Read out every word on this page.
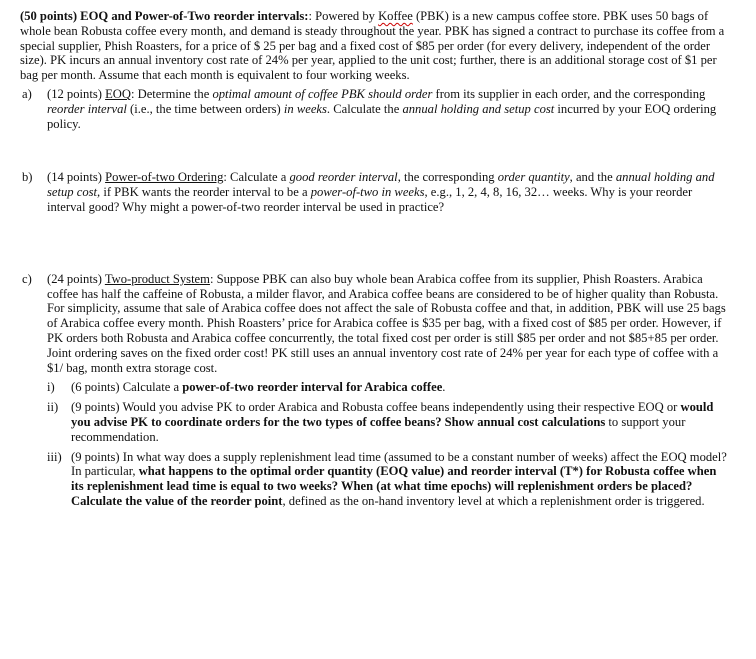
(50 points) EOQ and Power-of-Two reorder intervals:: Powered by Koffee (PBK) is a new campus coffee store. PBK uses 50 bags of whole bean Robusta coffee every month, and demand is steady throughout the year. PBK has signed a contract to purchase its coffee from a special supplier, Phish Roasters, for a price of $ 25 per bag and a fixed cost of $85 per order (for every delivery, independent of the order size). PK incurs an annual inventory cost rate of 24% per year, applied to the unit cost; further, there is an additional storage cost of $1 per bag per month. Assume that each month is equivalent to four working weeks.

a) (12 points) EOQ: Determine the optimal amount of coffee PBK should order from its supplier in each order, and the corresponding reorder interval (i.e., the time between orders) in weeks. Calculate the annual holding and setup cost incurred by your EOQ ordering policy.

b) (14 points) Power-of-two Ordering: Calculate a good reorder interval, the corresponding order quantity, and the annual holding and setup cost, if PBK wants the reorder interval to be a power-of-two in weeks, e.g., 1, 2, 4, 8, 16, 32… weeks. Why is your reorder interval good? Why might a power-of-two reorder interval be used in practice?

c) (24 points) Two-product System: Suppose PBK can also buy whole bean Arabica coffee from its supplier, Phish Roasters. Arabica coffee has half the caffeine of Robusta, a milder flavor, and Arabica coffee beans are considered to be of higher quality than Robusta. For simplicity, assume that sale of Arabica coffee does not affect the sale of Robusta coffee and that, in addition, PBK will use 25 bags of Arabica coffee every month. Phish Roasters’ price for Arabica coffee is $35 per bag, with a fixed cost of $85 per order. However, if PK orders both Robusta and Arabica coffee concurrently, the total fixed cost per order is still $85 per order and not $85+85 per order. Joint ordering saves on the fixed order cost! PK still uses an annual inventory cost rate of 24% per year for each type of coffee with a $1/ bag, month extra storage cost.

i) (6 points) Calculate a power-of-two reorder interval for Arabica coffee.

ii) (9 points) Would you advise PK to order Arabica and Robusta coffee beans independently using their respective EOQ or would you advise PK to coordinate orders for the two types of coffee beans? Show annual cost calculations to support your recommendation.

iii) (9 points) In what way does a supply replenishment lead time (assumed to be a constant number of weeks) affect the EOQ model? In particular, what happens to the optimal order quantity (EOQ value) and reorder interval (T*) for Robusta coffee when its replenishment lead time is equal to two weeks? When (at what time epochs) will replenishment orders be placed? Calculate the value of the reorder point, defined as the on-hand inventory level at which a replenishment order is triggered.
